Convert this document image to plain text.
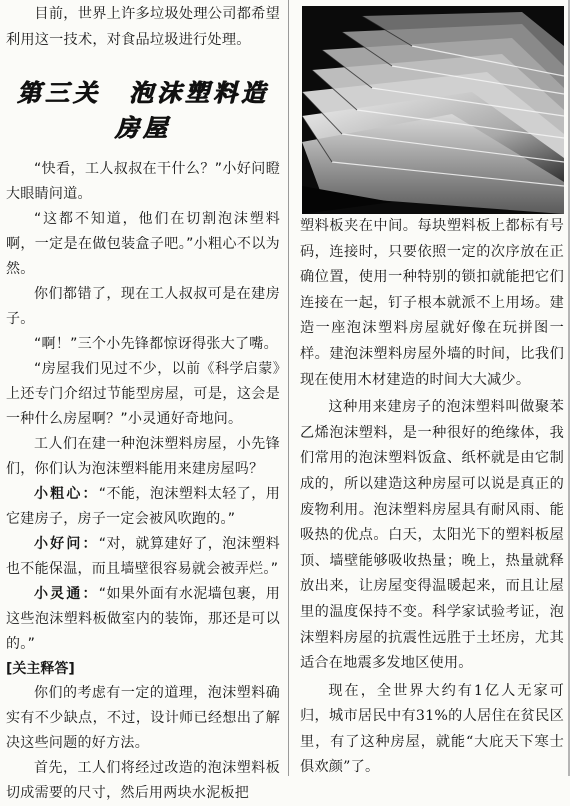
目前，世界上许多垃圾处理公司都希望利用这一技术，对食品垃圾进行处理。

第三关　泡沫塑料造房屋

“快看，工人叔叔在干什么？”小好问瞪大眼睛问道。

“这都不知道，他们在切割泡沫塑料啊，一定是在做包装盒子吧。”小粗心不以为然。

你们都错了，现在工人叔叔可是在建房子。

“啊！”三个小先锋都惊讶得张大了嘴。

“房屋我们见过不少，以前《科学启蒙》上还专门介绍过节能型房屋，可是，这会是一种什么房屋啊？”小灵通好奇地问。

工人们在建一种泡沫塑料房屋，小先锋们，你们认为泡沫塑料能用来建房屋吗？

小粗心：“不能，泡沫塑料太轻了，用它建房子，房子一定会被风吹跑的。”

小好问：“对，就算建好了，泡沫塑料也不能保温，而且墙壁很容易就会被弄烂。”

小灵通：“如果外面有水泥墙包裹，用这些泡沫塑料板做室内的装饰，那还是可以的。”

[关主释答]

你们的考虑有一定的道理，泡沫塑料确实有不少缺点，不过，设计师已经想出了解决这些问题的好方法。

首先，工人们将经过改造的泡沫塑料板切成需要的尺寸，然后用两块水泥板把

塑料板夹在中间。每块塑料板上都标有号码，连接时，只要依照一定的次序放在正确位置，使用一种特别的锁扣就能把它们连接在一起，钉子根本就派不上用场。建造一座泡沫塑料房屋就好像在玩拼图一样。建泡沫塑料房屋外墙的时间，比我们现在使用木材建造的时间大大减少。

这种用来建房子的泡沫塑料叫做聚苯乙烯泡沫塑料，是一种很好的绝缘体，我们常用的泡沫塑料饭盒、纸杯就是由它制成的，所以建造这种房屋可以说是真正的废物利用。泡沫塑料房屋具有耐风雨、能吸热的优点。白天，太阳光下的塑料板屋顶、墙壁能够吸收热量；晚上，热量就释放出来，让房屋变得温暖起来，而且让屋里的温度保持不变。科学家试验考证，泡沫塑料房屋的抗震性远胜于土坯房，尤其适合在地震多发地区使用。

现在，全世界大约有1亿人无家可归，城市居民中有31%的人居住在贫民区里，有了这种房屋，就能“大庇天下寒士俱欢颜”了。
